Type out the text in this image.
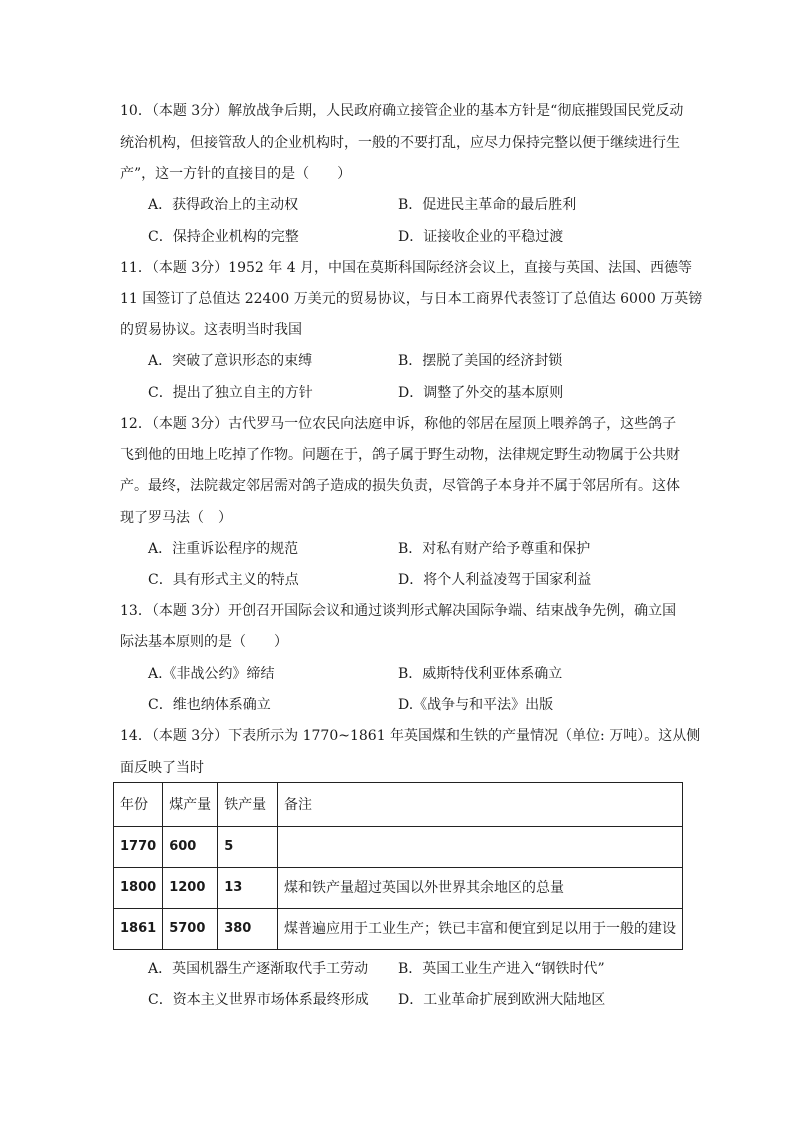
10．（本题 3分）解放战争后期，人民政府确立接管企业的基本方针是“彻底摧毁国民党反动
统治机构，但接管敌人的企业机构时，一般的不要打乱，应尽力保持完整以便于继续进行生
产”，这一方针的直接目的是（　　）
A．获得政治上的主动权	B．促进民主革命的最后胜利
C．保持企业机构的完整	D．证接收企业的平稳过渡
11．（本题 3分）1952 年 4 月，中国在莫斯科国际经济会议上，直接与英国、法国、西德等
11 国签订了总值达 22400 万美元的贸易协议，与日本工商界代表签订了总值达 6000 万英镑
的贸易协议。这表明当时我国
A．突破了意识形态的束缚	B．摆脱了美国的经济封锁
C．提出了独立自主的方针	D．调整了外交的基本原则
12．（本题 3分）古代罗马一位农民向法庭申诉，称他的邻居在屋顶上喂养鸽子，这些鸽子
飞到他的田地上吃掉了作物。问题在于，鸽子属于野生动物，法律规定野生动物属于公共财
产。最终，法院裁定邻居需对鸽子造成的损失负责，尽管鸽子本身并不属于邻居所有。这体
现了罗马法（　）
A．注重诉讼程序的规范	B．对私有财产给予尊重和保护
C．具有形式主义的特点	D．将个人利益凌驾于国家利益
13．（本题 3分）开创召开国际会议和通过谈判形式解决国际争端、结束战争先例，确立国
际法基本原则的是（　　）
A.《非战公约》缔结	B．威斯特伐利亚体系确立
C．维也纳体系确立	D.《战争与和平法》出版
14．（本题 3分）下表所示为 1770~1861 年英国煤和生铁的产量情况（单位: 万吨）。这从侧
面反映了当时
年份	煤产量	铁产量	备注
1770	600	5	
1800	1200	13	煤和铁产量超过英国以外世界其余地区的总量
1861	5700	380	煤普遍应用于工业生产；铁已丰富和便宜到足以用于一般的建设
A．英国机器生产逐渐取代手工劳动 B．英国工业生产进入“钢铁时代”
C．资本主义世界市场体系最终形成 D．工业革命扩展到欧洲大陆地区
